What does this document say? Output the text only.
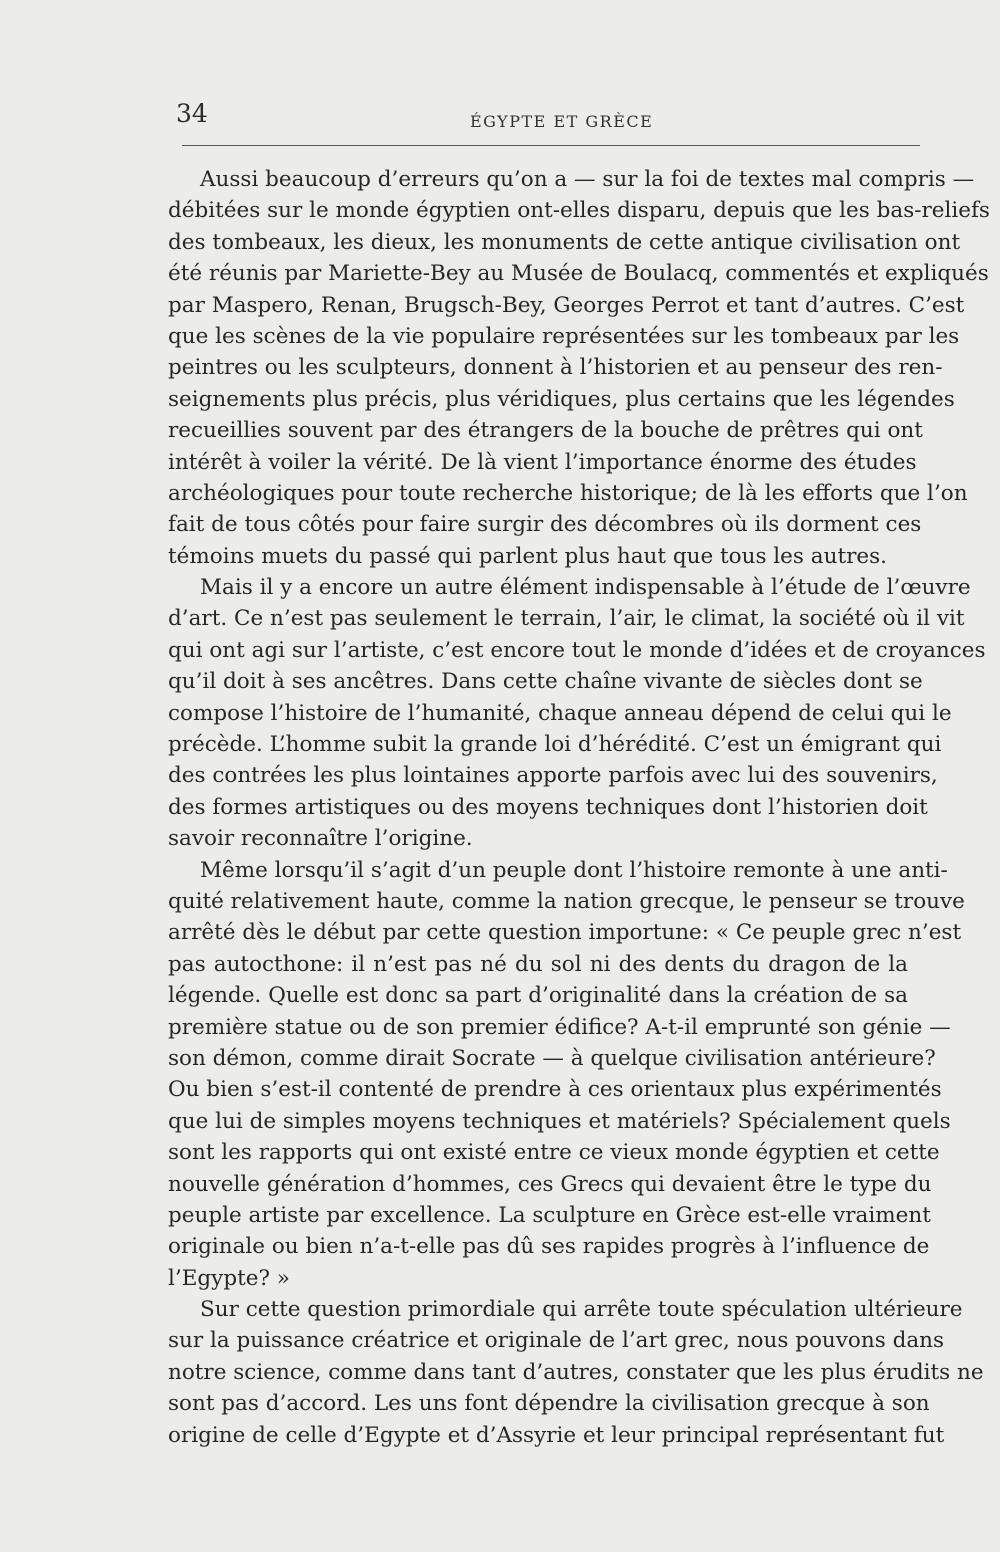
34	ÉGYPTE ET GRÈCE
Aussi beaucoup d’erreurs qu’on a — sur la foi de textes mal compris —
débitées sur le monde égyptien ont-elles disparu, depuis que les bas-reliefs
des tombeaux, les dieux, les monuments de cette antique civilisation ont
été réunis par Mariette-Bey au Musée de Boulacq, commentés et expliqués
par Maspero, Renan, Brugsch-Bey, Georges Perrot et tant d’autres. C’est
que les scènes de la vie populaire représentées sur les tombeaux par les
peintres ou les sculpteurs, donnent à l’historien et au penseur des ren-
seignements plus précis, plus véridiques, plus certains que les légendes
recueillies souvent par des étrangers de la bouche de prêtres qui ont
intérêt à voiler la vérité. De là vient l’importance énorme des études
archéologiques pour toute recherche historique; de là les efforts que l’on
fait de tous côtés pour faire surgir des décombres où ils dorment ces
témoins muets du passé qui parlent plus haut que tous les autres.
Mais il y a encore un autre élément indispensable à l’étude de l’œuvre
d’art. Ce n’est pas seulement le terrain, l’air, le climat, la société où il vit
qui ont agi sur l’artiste, c’est encore tout le monde d’idées et de croyances
qu’il doit à ses ancêtres. Dans cette chaîne vivante de siècles dont se
compose l’histoire de l’humanité, chaque anneau dépend de celui qui le
précède. L’homme subit la grande loi d’hérédité. C’est un émigrant qui
des contrées les plus lointaines apporte parfois avec lui des souvenirs,
des formes artistiques ou des moyens techniques dont l’historien doit
savoir reconnaître l’origine.
Même lorsqu’il s’agit d’un peuple dont l’histoire remonte à une anti-
quité relativement haute, comme la nation grecque, le penseur se trouve
arrêté dès le début par cette question importune: « Ce peuple grec n’est
pas autocthone: il n’est pas né du sol ni des dents du dragon de la
légende. Quelle est donc sa part d’originalité dans la création de sa
première statue ou de son premier édifice? A-t-il emprunté son génie —
son démon, comme dirait Socrate — à quelque civilisation antérieure?
Ou bien s’est-il contenté de prendre à ces orientaux plus expérimentés
que lui de simples moyens techniques et matériels? Spécialement quels
sont les rapports qui ont existé entre ce vieux monde égyptien et cette
nouvelle génération d’hommes, ces Grecs qui devaient être le type du
peuple artiste par excellence. La sculpture en Grèce est-elle vraiment
originale ou bien n’a-t-elle pas dû ses rapides progrès à l’influence de
l’Egypte? »
Sur cette question primordiale qui arrête toute spéculation ultérieure
sur la puissance créatrice et originale de l’art grec, nous pouvons dans
notre science, comme dans tant d’autres, constater que les plus érudits ne
sont pas d’accord. Les uns font dépendre la civilisation grecque à son
origine de celle d’Egypte et d’Assyrie et leur principal représentant fut
